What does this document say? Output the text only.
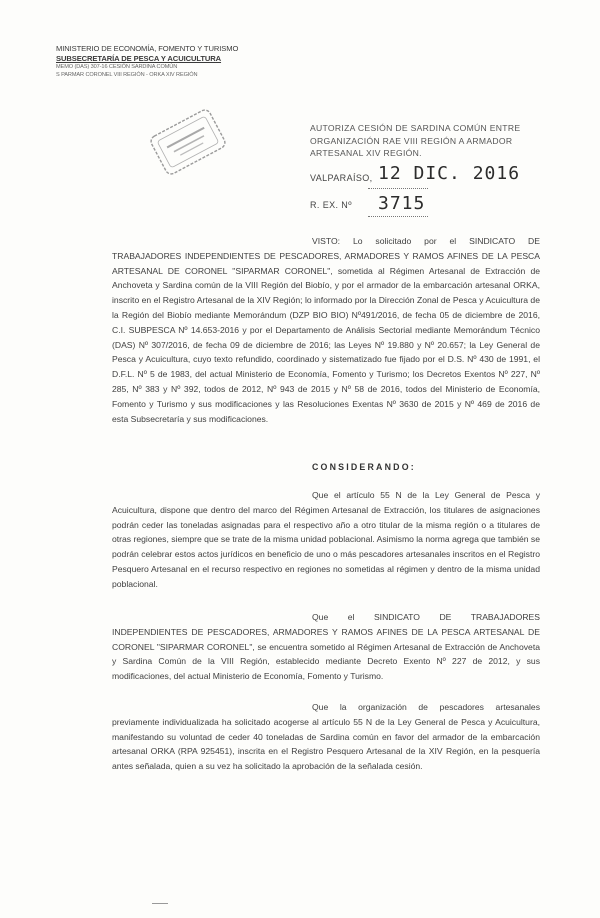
MINISTERIO DE ECONOMÍA, FOMENTO Y TURISMO
SUBSECRETARÍA DE PESCA Y ACUICULTURA
MEMO (DAS) 307-16 CESIÓN SARDINA COMÚN
S PARMAR CORONEL VIII REGIÓN - ORKA XIV REGIÓN
AUTORIZA CESIÓN DE SARDINA COMÚN ENTRE ORGANIZACIÓN RAE VIII REGIÓN A ARMADOR ARTESANAL XIV REGIÓN.
VALPARAÍSO, 12 DIC. 2016
R. EX. Nº 3715
VISTO: Lo solicitado por el SINDICATO DE TRABAJADORES INDEPENDIENTES DE PESCADORES, ARMADORES Y RAMOS AFINES DE LA PESCA ARTESANAL DE CORONEL "SIPARMAR CORONEL", sometida al Régimen Artesanal de Extracción de Anchoveta y Sardina común de la VIII Región del Biobío, y por el armador de la embarcación artesanal ORKA, inscrito en el Registro Artesanal de la XIV Región; lo informado por la Dirección Zonal de Pesca y Acuicultura de la Región del Biobío mediante Memorándum (DZP BIO BIO) Nº491/2016, de fecha 05 de diciembre de 2016, C.I. SUBPESCA Nº 14.653-2016 y por el Departamento de Análisis Sectorial mediante Memorándum Técnico (DAS) Nº 307/2016, de fecha 09 de diciembre de 2016; las Leyes Nº 19.880 y Nº 20.657; la Ley General de Pesca y Acuicultura, cuyo texto refundido, coordinado y sistematizado fue fijado por el D.S. Nº 430 de 1991, el D.F.L. Nº 5 de 1983, del actual Ministerio de Economía, Fomento y Turismo; los Decretos Exentos Nº 227, Nº 285, Nº 383 y Nº 392, todos de 2012, Nº 943 de 2015 y Nº 58 de 2016, todos del Ministerio de Economía, Fomento y Turismo y sus modificaciones y las Resoluciones Exentas Nº 3630 de 2015 y Nº 469 de 2016 de esta Subsecretaría y sus modificaciones.
CONSIDERANDO:
Que el artículo 55 N de la Ley General de Pesca y Acuicultura, dispone que dentro del marco del Régimen Artesanal de Extracción, los titulares de asignaciones podrán ceder las toneladas asignadas para el respectivo año a otro titular de la misma región o a titulares de otras regiones, siempre que se trate de la misma unidad poblacional. Asimismo la norma agrega que también se podrán celebrar estos actos jurídicos en beneficio de uno o más pescadores artesanales inscritos en el Registro Pesquero Artesanal en el recurso respectivo en regiones no sometidas al régimen y dentro de la misma unidad poblacional.
Que el SINDICATO DE TRABAJADORES INDEPENDIENTES DE PESCADORES, ARMADORES Y RAMOS AFINES DE LA PESCA ARTESANAL DE CORONEL "SIPARMAR CORONEL", se encuentra sometido al Régimen Artesanal de Extracción de Anchoveta y Sardina Común de la VIII Región, establecido mediante Decreto Exento Nº 227 de 2012, y sus modificaciones, del actual Ministerio de Economía, Fomento y Turismo.
Que la organización de pescadores artesanales previamente individualizada ha solicitado acogerse al artículo 55 N de la Ley General de Pesca y Acuicultura, manifestando su voluntad de ceder 40 toneladas de Sardina común en favor del armador de la embarcación artesanal ORKA (RPA 925451), inscrita en el Registro Pesquero Artesanal de la XIV Región, en la pesquería antes señalada, quien a su vez ha solicitado la aprobación de la señalada cesión.
